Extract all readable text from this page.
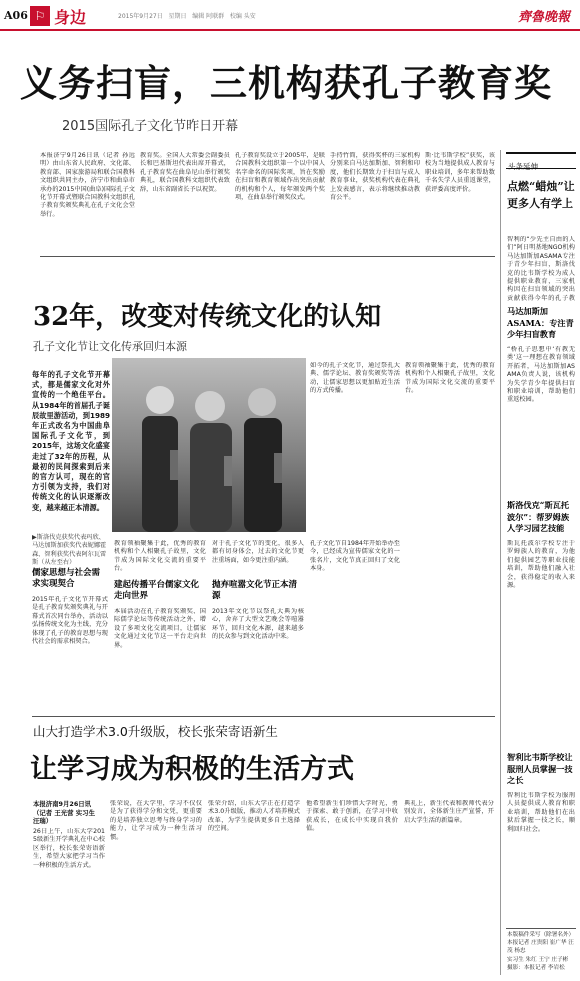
A06 ⚐ 身边	2015年9月27日 星期日 编辑 阿联群 校编 头安	齊魯晚報
义务扫盲，三机构获孔子教育奖
2015国际孔子文化节昨日开幕
本报济宁9月26日讯（记者 孙远明）由山东省人民政府、文化部、教育部、国家旅游局和联合国教科文组织共同主办，济宁市和曲阜市承办的2015中国(曲阜)国际孔子文化节开幕式暨联合国教科文组织孔子教育奖颁奖典礼在孔子文化会堂举行。
教育奖。全国人大常委会副委员长和巴基斯坦代表出席开幕式，孔子教育奖在曲阜尼山举行颁奖典礼，联合国教科文组织代表致辞，山东省副省长予以祝贺。
孔子教育奖设立于2005年，是联合国教科文组织第一个以中国人名字命名的国际奖项，旨在奖励在扫盲和教育领域作出突出贡献的机构和个人，每年颁发两个奖项，在曲阜举行颁奖仪式。
手持竹简，获得奖杯的三家机构分别来自马达加斯加、智利和印度，他们长期致力于扫盲与成人教育事业，获奖机构代表在典礼上发表感言，表示将继续推动教育公平。
斯·比韦斯学校”获奖，该校为当地提供成人教育与职业培训，多年来帮助数千名失学人员重返课堂，获评委高度评价。
32年，改变对传统文化的认知
孔子文化节让文化传承回归本源
每年的孔子文化节开幕式，都是儒家文化对外宣传的一个绝佳平台。从1984年的首届孔子诞辰故里游活动，到1989年正式改名为中国曲阜国际孔子文化节，到2015年，这场文化盛宴走过了32年的历程，从最初的民间探索到后来的官方认可，现在的官方引领为支持，我们对传统文化的认识逐渐改变，越来越正本清源。
▶斯洛伐克获奖代表玛欣、马达加斯加获奖代表妮娜霍森、智利获奖代表阿尔瓦雷斯（从左至右）
儒家思想与社会需求实现契合
2015年孔子文化节开幕式是孔子教育奖颁奖典礼与开幕式首次同台举办，活动以弘扬传统文化为主线，充分体现了孔子的教育思想与现代社会的需求相契合。
教育领袖聚集于此，优秀的教育机构和个人相聚孔子故里，文化节成为国际文化交流的重要平台。
建起传播平台儒家文化走向世界
本届活动在孔子教育奖颁奖、国际儒学论坛等传统活动之外，增设了多项文化交流项目，让儒家文化通过文化节这一平台走向世界。
对于孔子文化节的变化，很多人都有切身体会，过去的文化节更注重场面，如今更注重内涵。
抛弃喧嚣文化节正本清源
2013年文化节以祭孔大典为核心，舍弃了大型文艺晚会等喧嚣环节，回归文化本源，越来越多的民众参与到文化活动中来。
如今的孔子文化节，通过祭孔大典、儒学论坛、教育奖颁奖等活动，让儒家思想以更加贴近生活的方式传播。
孔子文化节自1984年开始举办至今，已经成为宣传儒家文化的一张名片，文化节真正回归了文化本身。
教育领袖聚集于此，优秀的教育机构和个人相聚孔子故里，文化节成为国际文化交流的重要平台。
山大打造学术3.0升级版，校长张荣寄语新生
让学习成为积极的生活方式
本报济南9月26日讯（记者 王光营 实习生 汪瑞）
26日上午，山东大学2015级新生开学典礼在中心校区举行，校长张荣寄语新生，希望大家把学习当作一种积极的生活方式。
张荣说，在大学里，学习不仅仅是为了获得学分和文凭，更重要的是培养独立思考与终身学习的能力，让学习成为一种生活习惯。
张荣介绍，山东大学正在打造学术3.0升级版，推动人才培养模式改革，为学生提供更多自主选择的空间。
他希望新生们珍惜大学时光，勇于探索、敢于创新，在学习中收获成长，在成长中实现自我价值。
典礼上，新生代表和教师代表分别发言，全体新生庄严宣誓，开启大学生活的新篇章。
头条延伸
点燃“蜡烛”让更多人有学上
智利的“少先主自由的人们”阿日明基地NGO机构马达加斯加ASAMA专注于青少年扫盲，斯洛伐克的比韦斯学校为成人提供职业教育，三家机构因在扫盲领域的突出贡献获得今年的孔子教
马达加斯加ASAMA：专注青少年扫盲教育
“桥孔子思想中‘有教无类’这一理想在教育领域开拓者，马达加斯加ASAMA负责人说，该机构为失学青少年提供扫盲和职业培训，帮助他们重返校园。
斯洛伐克“斯瓦托波尔”：帮罗姆族人学习园艺技能
斯瓦托波尔学校专注于罗姆族人的教育，为他们提供园艺等职业技能培训，帮助他们融入社会，获得稳定的收入来源。
智利比韦斯学校让服刑人员掌握一技之长
智利比韦斯学校为服刑人员提供成人教育和职业培训，帮助他们在出狱后掌握一技之长，顺利回归社会。
本版稿件采写（除署名外）
本报记者 庄贵阳 崔广华 汪茂 杨忠
实习生 朱红 王宁 庄子彬
摄影：本报记者 李岩松
